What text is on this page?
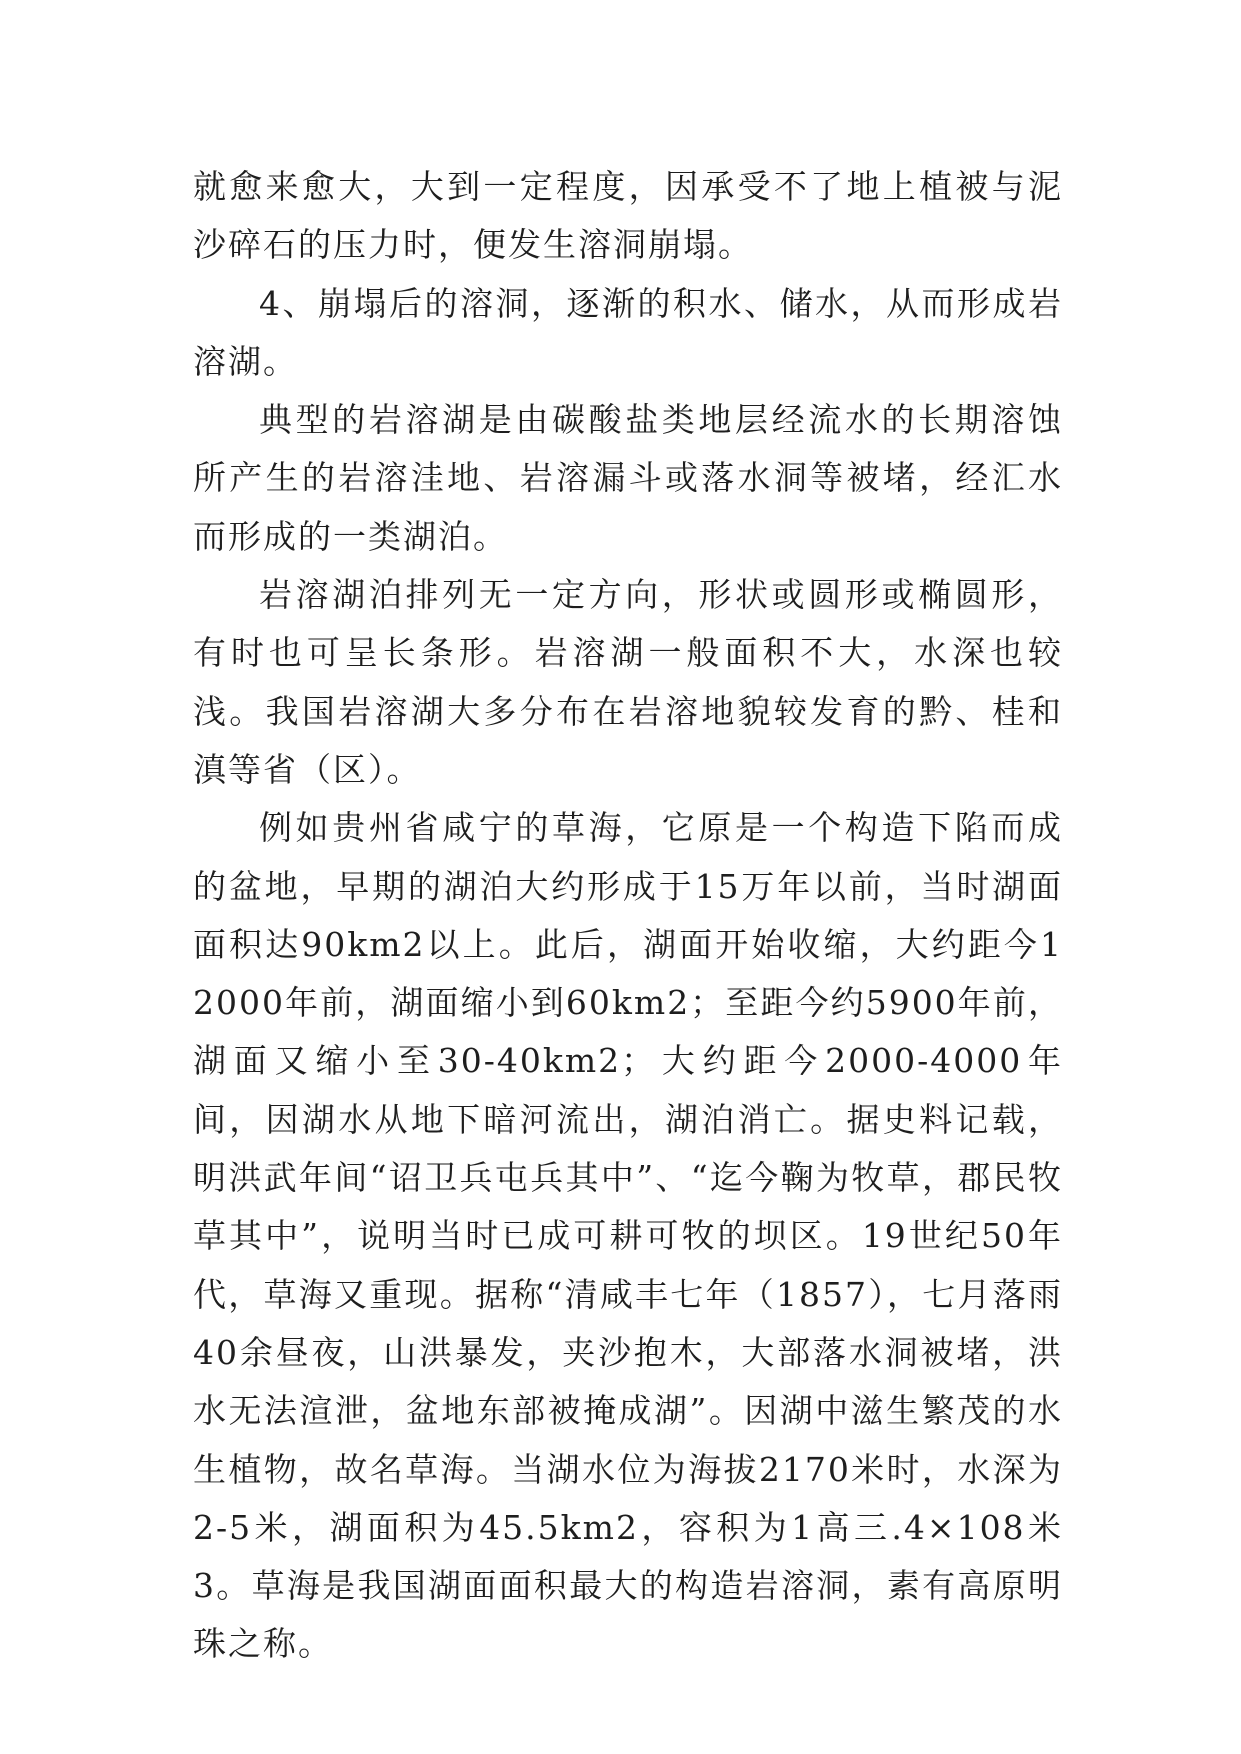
就愈来愈大，大到一定程度，因承受不了地上植被与泥沙碎石的压力时，便发生溶洞崩塌。

4、崩塌后的溶洞，逐渐的积水、储水，从而形成岩溶湖。

典型的岩溶湖是由碳酸盐类地层经流水的长期溶蚀所产生的岩溶洼地、岩溶漏斗或落水洞等被堵，经汇水而形成的一类湖泊。

岩溶湖泊排列无一定方向，形状或圆形或椭圆形，有时也可呈长条形。岩溶湖一般面积不大，水深也较浅。我国岩溶湖大多分布在岩溶地貌较发育的黔、桂和滇等省（区）。

例如贵州省咸宁的草海，它原是一个构造下陷而成的盆地，早期的湖泊大约形成于15万年以前，当时湖面面积达90km2以上。此后，湖面开始收缩，大约距今12000年前，湖面缩小到60km2；至距今约5900年前，湖面又缩小至30-40km2；大约距今2000-4000年间，因湖水从地下暗河流出，湖泊消亡。据史料记载，明洪武年间“诏卫兵屯兵其中”、“迄今鞠为牧草，郡民牧草其中”，说明当时已成可耕可牧的坝区。19世纪50年代，草海又重现。据称“清咸丰七年（1857），七月落雨40余昼夜，山洪暴发，夹沙抱木，大部落水洞被堵，洪水无法渲泄，盆地东部被掩成湖”。因湖中滋生繁茂的水生植物，故名草海。当湖水位为海拔2170米时，水深为2-5米，湖面积为45.5km2，容积为1高三.4×108米3。草海是我国湖面面积最大的构造岩溶洞，素有高原明珠之称。
